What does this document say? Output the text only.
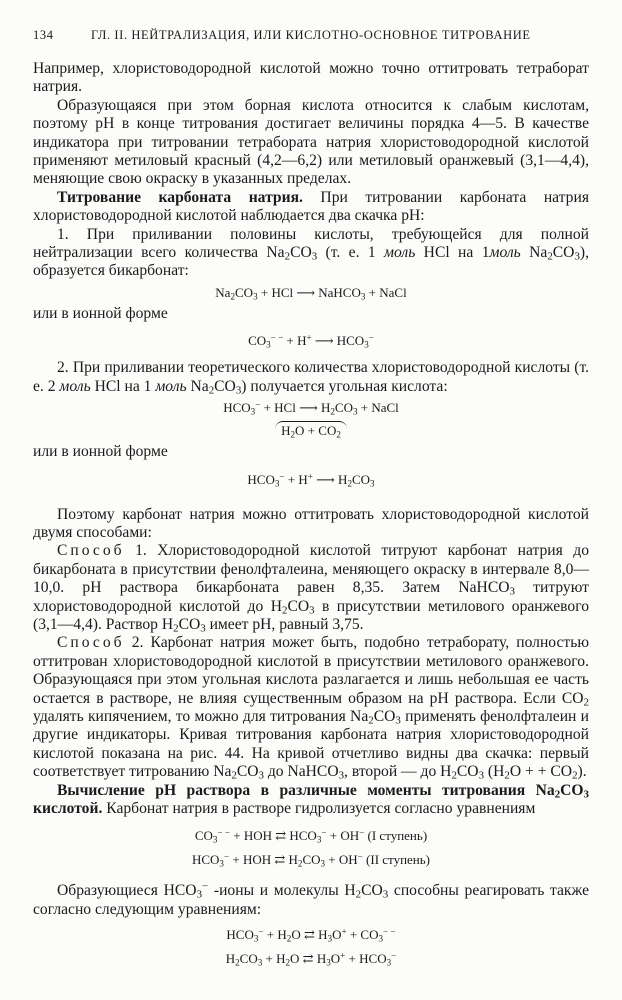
134	ГЛ. II. НЕЙТРАЛИЗАЦИЯ, ИЛИ КИСЛОТНО-ОСНОВНОЕ ТИТРОВАНИЕ

Например, хлористоводородной кислотой можно точно оттитровать тетраборат натрия.

Образующаяся при этом борная кислота относится к слабым кислотам, поэтому pH в конце титрования достигает величины порядка 4—5. В качестве индикатора при титровании тетрабората натрия хлористоводородной кислотой применяют метиловый красный (4,2—6,2) или метиловый оранжевый (3,1—4,4), меняющие свою окраску в указанных пределах.

Титрование карбоната натрия. При титровании карбоната натрия хлористоводородной кислотой наблюдается два скачка pH:

1. При приливании половины кислоты, требующейся для полной нейтрализации всего количества $Na_2CO_3$ (т. е. 1 моль HCl на 1моль $Na_2CO_3$), образуется бикарбонат:

$Na_2CO_3$ + HCl ⟶ NaHCO$_3$ + NaCl

или в ионной форме

$CO_3^{- -} + H^+$ ⟶ $HCO_3^-$

2. При приливании теоретического количества хлористоводородной кислоты (т. е. 2 моль HCl на 1 моль $Na_2CO_3$) получается угольная кислота:

$HCO_3^-$ + HCl ⟶ $H_2CO_3$ + NaCl
$H_2O + CO_2$

или в ионной форме

$HCO_3^- + H^+$ ⟶ $H_2CO_3$

Поэтому карбонат натрия можно оттитровать хлористоводородной кислотой двумя способами:

Способ 1. Хлористоводородной кислотой титруют карбонат натрия до бикарбоната в присутствии фенолфталеина, меняющего окраску в интервале 8,0—10,0. pH раствора бикарбоната равен 8,35. Затем NaHCO$_3$ титруют хлористоводородной кислотой до $H_2CO_3$ в присутствии метилового оранжевого (3,1—4,4). Раствор $H_2CO_3$ имеет pH, равный 3,75.

Способ 2. Карбонат натрия может быть, подобно тетраборату, полностью оттитрован хлористоводородной кислотой в присутствии метилового оранжевого. Образующаяся при этом угольная кислота разлагается и лишь небольшая ее часть остается в растворе, не влияя существенным образом на pH раствора. Если $CO_2$ удалять кипячением, то можно для титрования $Na_2CO_3$ применять фенолфталеин и другие индикаторы. Кривая титрования карбоната натрия хлористоводородной кислотой показана на рис. 44. На кривой отчетливо видны два скачка: первый соответствует титрованию $Na_2CO_3$ до NaHCO$_3$, второй — до $H_2CO_3$ ($H_2O$ + + $CO_2$).

Вычисление pH раствора в различные моменты титрования $Na_2CO_3$ кислотой. Карбонат натрия в растворе гидролизуется согласно уравнениям

$CO_3^{- -}$ + HOH ⇄ $HCO_3^- + OH^-$ (I ступень)
$HCO_3^-$ + HOH ⇄ $H_2CO_3 + OH^-$ (II ступень)

Образующиеся $HCO_3^-$ -ионы и молекулы $H_2CO_3$ способны реагировать также согласно следующим уравнениям:

$HCO_3^- + H_2O$ ⇄ $H_3O^+ + CO_3^{- -}$
$H_2CO_3 + H_2O$ ⇄ $H_3O^+ + HCO_3^-$
